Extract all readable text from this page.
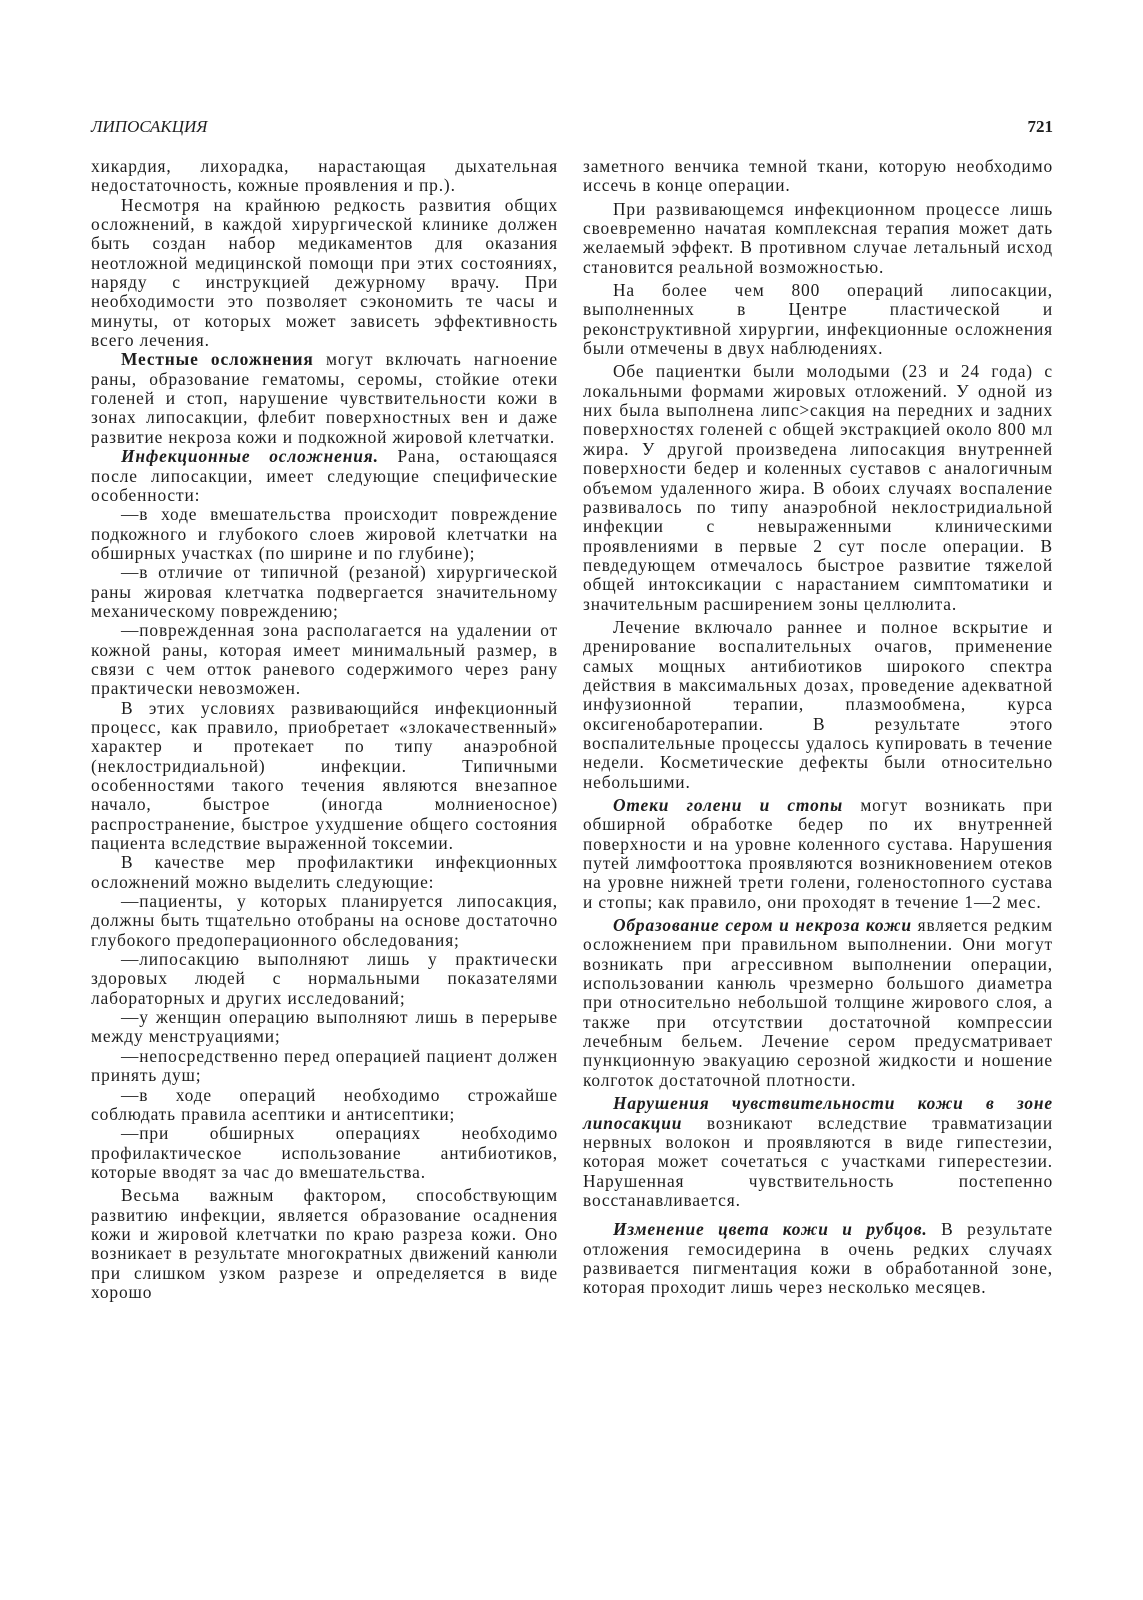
ЛИПОСАКЦИЯ	721

хикардия, лихорадка, нарастающая дыхательная недостаточность, кожные проявления и пр.).

Несмотря на крайнюю редкость развития общих осложнений, в каждой хирургической клинике должен быть создан набор медикаментов для оказания неотложной медицинской помощи при этих состояниях, наряду с инструкцией дежурному врачу. При необходимости это позволяет сэкономить те часы и минуты, от которых может зависеть эффективность всего лечения.

Местные осложнения могут включать нагноение раны, образование гематомы, серомы, стойкие отеки голеней и стоп, нарушение чувствительности кожи в зонах липосакции, флебит поверхностных вен и даже развитие некроза кожи и подкожной жировой клетчатки.

Инфекционные осложнения. Рана, остающаяся после липосакции, имеет следующие специфические особенности:

—в ходе вмешательства происходит повреждение подкожного и глубокого слоев жировой клетчатки на обширных участках (по ширине и по глубине);

—в отличие от типичной (резаной) хирургической раны жировая клетчатка подвергается значительному механическому повреждению;

—поврежденная зона располагается на удалении от кожной раны, которая имеет минимальный размер, в связи с чем отток раневого содержимого через рану практически невозможен.

В этих условиях развивающийся инфекционный процесс, как правило, приобретает «злокачественный» характер и протекает по типу анаэробной (неклостридиальной) инфекции. Типичными особенностями такого течения являются внезапное начало, быстрое (иногда молниеносное) распространение, быстрое ухудшение общего состояния пациента вследствие выраженной токсемии.

В качестве мер профилактики инфекционных осложнений можно выделить следующие:

—пациенты, у которых планируется липосакция, должны быть тщательно отобраны на основе достаточно глубокого предоперационного обследования;

—липосакцию выполняют лишь у практически здоровых людей с нормальными показателями лабораторных и других исследований;

—у женщин операцию выполняют лишь в перерыве между менструациями;

—непосредственно перед операцией пациент должен принять душ;

—в ходе операций необходимо строжайше соблюдать правила асептики и антисептики;

—при обширных операциях необходимо профилактическое использование антибиотиков, которые вводят за час до вмешательства.

Весьма важным фактором, способствующим развитию инфекции, является образование осаднения кожи и жировой клетчатки по краю разреза кожи. Оно возникает в результате многократных движений канюли при слишком узком разрезе и определяется в виде хорошо

заметного венчика темной ткани, которую необходимо иссечь в конце операции.

При развивающемся инфекционном процессе лишь своевременно начатая комплексная терапия может дать желаемый эффект. В противном случае летальный исход становится реальной возможностью.

На более чем 800 операций липосакции, выполненных в Центре пластической и реконструктивной хирургии, инфекционные осложнения были отмечены в двух наблюдениях.

Обе пациентки были молодыми (23 и 24 года) с локальными формами жировых отложений. У одной из них была выполнена липс>сакция на передних и задних поверхностях голеней с общей экстракцией около 800 мл жира. У другой произведена липосакция внутренней поверхности бедер и коленных суставов с аналогичным объемом удаленного жира. В обоих случаях воспаление развивалось по типу анаэробной неклостридиальной инфекции с невыраженными клиническими проявлениями в первые 2 сут после операции. В певдедующем отмечалось быстрое развитие тяжелой общей интоксикации с нарастанием симптоматики и значительным расширением зоны целлюлита.

Лечение включало раннее и полное вскрытие и дренирование воспалительных очагов, применение самых мощных антибиотиков широкого спектра действия в максимальных дозах, проведение адекватной инфузионной терапии, плазмообмена, курса оксигенобаротерапии. В результате этого воспалительные процессы удалось купировать в течение недели. Косметические дефекты были относительно небольшими.

Отеки голени и стопы могут возникать при обширной обработке бедер по их внутренней поверхности и на уровне коленного сустава. Нарушения путей лимфооттока проявляются возникновением отеков на уровне нижней трети голени, голеностопного сустава и стопы; как правило, они проходят в течение 1—2 мес.

Образование сером и некроза кожи является редким осложнением при правильном выполнении. Они могут возникать при агрессивном выполнении операции, использовании канюль чрезмерно большого диаметра при относительно небольшой толщине жирового слоя, а также при отсутствии достаточной компрессии лечебным бельем. Лечение сером предусматривает пункционную эвакуацию серозной жидкости и ношение колготок достаточной плотности.

Нарушения чувствительности кожи в зоне липосакции возникают вследствие травматизации нервных волокон и проявляются в виде гипестезии, которая может сочетаться с участками гиперестезии. Нарушенная чувствительность постепенно восстанавливается.

Изменение цвета кожи и рубцов. В результате отложения гемосидерина в очень редких случаях развивается пигментация кожи в обработанной зоне, которая проходит лишь через несколько месяцев.
